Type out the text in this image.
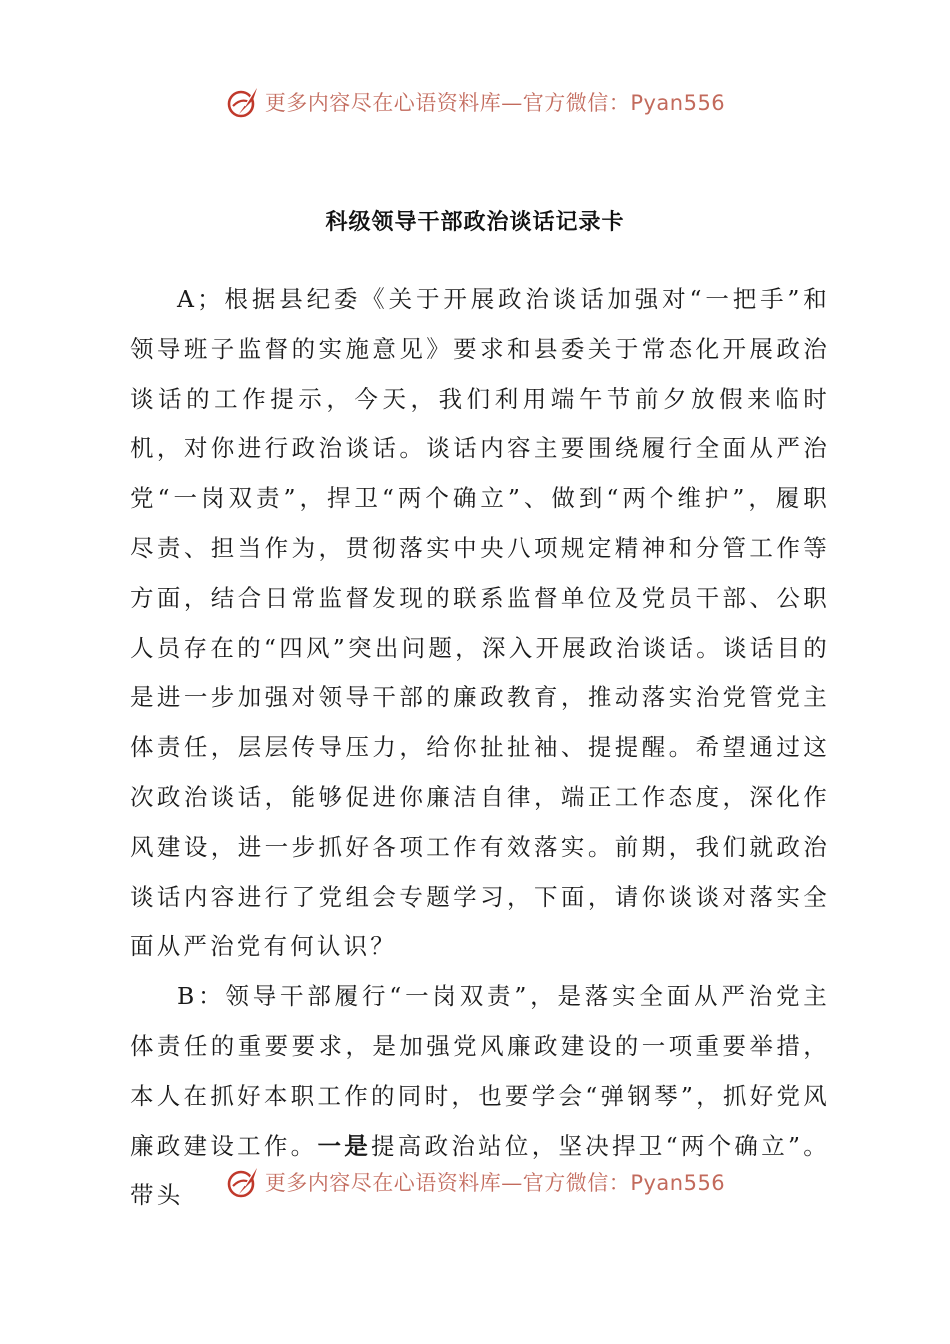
更多内容尽在心语资料库—官方微信：Pyan556
科级领导干部政治谈话记录卡

A；根据县纪委《关于开展政治谈话加强对“一把手”和领导班子监督的实施意见》要求和县委关于常态化开展政治谈话的工作提示，今天，我们利用端午节前夕放假来临时机，对你进行政治谈话。谈话内容主要围绕履行全面从严治党“一岗双责”，捍卫“两个确立”、做到“两个维护”，履职尽责、担当作为，贯彻落实中央八项规定精神和分管工作等方面，结合日常监督发现的联系监督单位及党员干部、公职人员存在的“四风”突出问题，深入开展政治谈话。谈话目的是进一步加强对领导干部的廉政教育，推动落实治党管党主体责任，层层传导压力，给你扯扯袖、提提醒。希望通过这次政治谈话，能够促进你廉洁自律，端正工作态度，深化作风建设，进一步抓好各项工作有效落实。前期，我们就政治谈话内容进行了党组会专题学习，下面，请你谈谈对落实全面从严治党有何认识？

B：领导干部履行“一岗双责”，是落实全面从严治党主体责任的重要要求，是加强党风廉政建设的一项重要举措，本人在抓好本职工作的同时，也要学会“弹钢琴”，抓好党风廉政建设工作。一是提高政治站位，坚决捍卫“两个确立”。带头	更多内容尽在心语资料库—官方微信：Pyan556
